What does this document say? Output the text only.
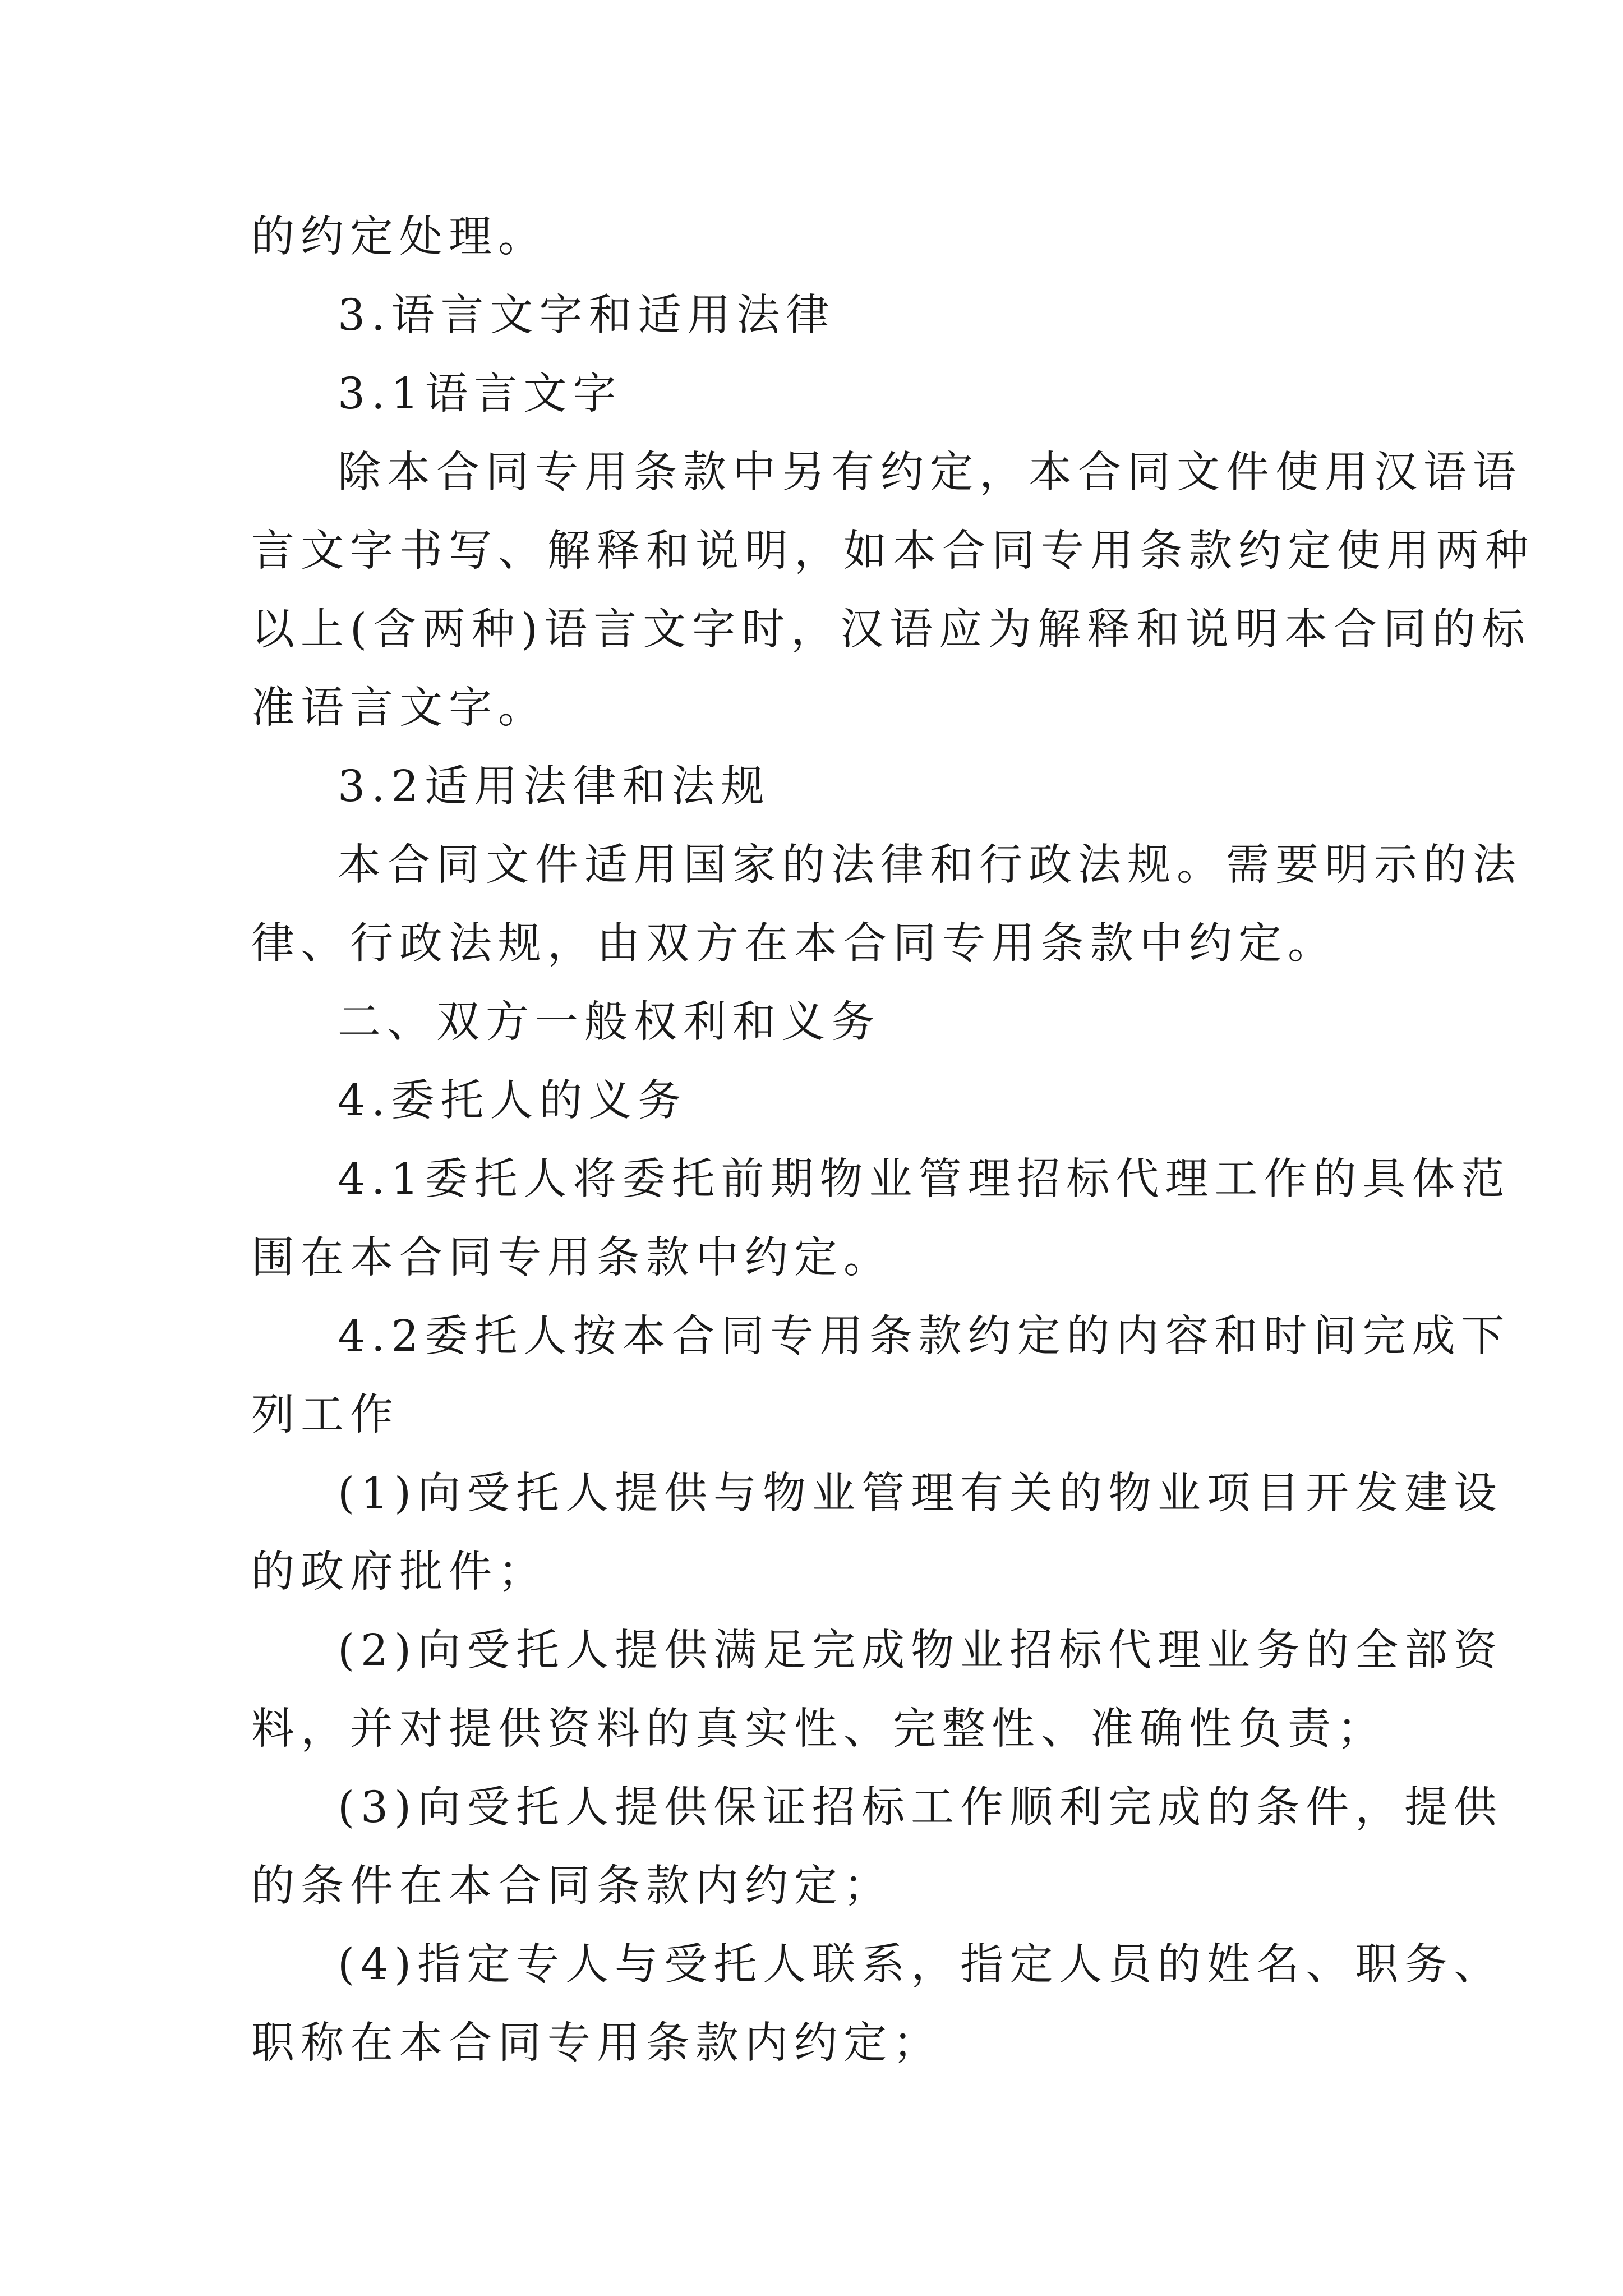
的约定处理。
3.语言文字和适用法律
3.1语言文字
除本合同专用条款中另有约定，本合同文件使用汉语语
言文字书写、解释和说明，如本合同专用条款约定使用两种
以上(含两种)语言文字时，汉语应为解释和说明本合同的标
准语言文字。
3.2适用法律和法规
本合同文件适用国家的法律和行政法规。需要明示的法
律、行政法规，由双方在本合同专用条款中约定。
二、双方一般权利和义务
4.委托人的义务
4.1委托人将委托前期物业管理招标代理工作的具体范
围在本合同专用条款中约定。
4.2委托人按本合同专用条款约定的内容和时间完成下
列工作
(1)向受托人提供与物业管理有关的物业项目开发建设
的政府批件；
(2)向受托人提供满足完成物业招标代理业务的全部资
料，并对提供资料的真实性、完整性、准确性负责；
(3)向受托人提供保证招标工作顺利完成的条件，提供
的条件在本合同条款内约定；
(4)指定专人与受托人联系，指定人员的姓名、职务、
职称在本合同专用条款内约定；
